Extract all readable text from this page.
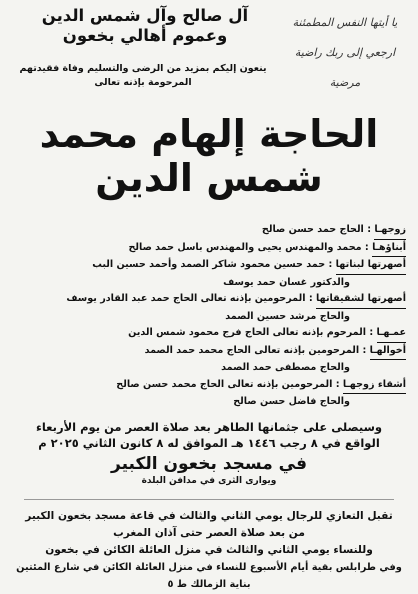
يا أيتها النفس المطمئنة
ارجعي إلى ربك راضية مرضية
آل صالح وآل شمس الدين وعموم أهالي بخعون
ينعون إليكم بمزيد من الرضى والتسليم وفاة فقيدتهم المرحومة بإذنه تعالى
الحاجة إلهام محمد شمس الدين
زوجهـا : الحاج حمد حسن صالح
أبناؤهـا : محمد والمهندس يحيى والمهندس باسل حمد صالح
أصهرتها لبناتها : حمد حسين محمود شاكر الصمد وأحمد حسين البب
والدكتور غسان حمد يوسف
أصهرتها لشقيقاتها : المرحومين بإذنه تعالى الحاج حمد عبد القادر يوسف
والحاج مرشد حسين الصمد
عمـهـا : المرحوم بإذنه تعالى الحاج فرج محمود شمس الدين
أخوالهـا : المرحومين بإذنه تعالى الحاج محمد حمد الصمد
والحاج مصطفى حمد الصمد
أشقاء زوجهـا : المرحومين بإذنه تعالى الحاج محمد حسن صالح
والحاج فاضل حسن صالح
وسيصلى على جثمانها الطاهر بعد صلاة العصر من يوم الأربعاء
الواقع في ٨ رجب ١٤٤٦ هـ الموافق له ٨ كانون الثاني ٢٠٢٥ م
في مسجد بخعون الكبير
ويوارى الثرى في مدافن البلدة
تقبل التعازي للرجال يومي الثاني والثالث في قاعة مسجد بخعون الكبير
من بعد صلاة العصر حتى آذان المغرب
وللنساء يومي الثاني والثالث في منزل العائلة الكائن في بخعون
وفي طرابلس بقية أيام الأسبوع للنساء في منزل العائلة الكائن في شارع المئتين بناية الزمالك ط ٥
